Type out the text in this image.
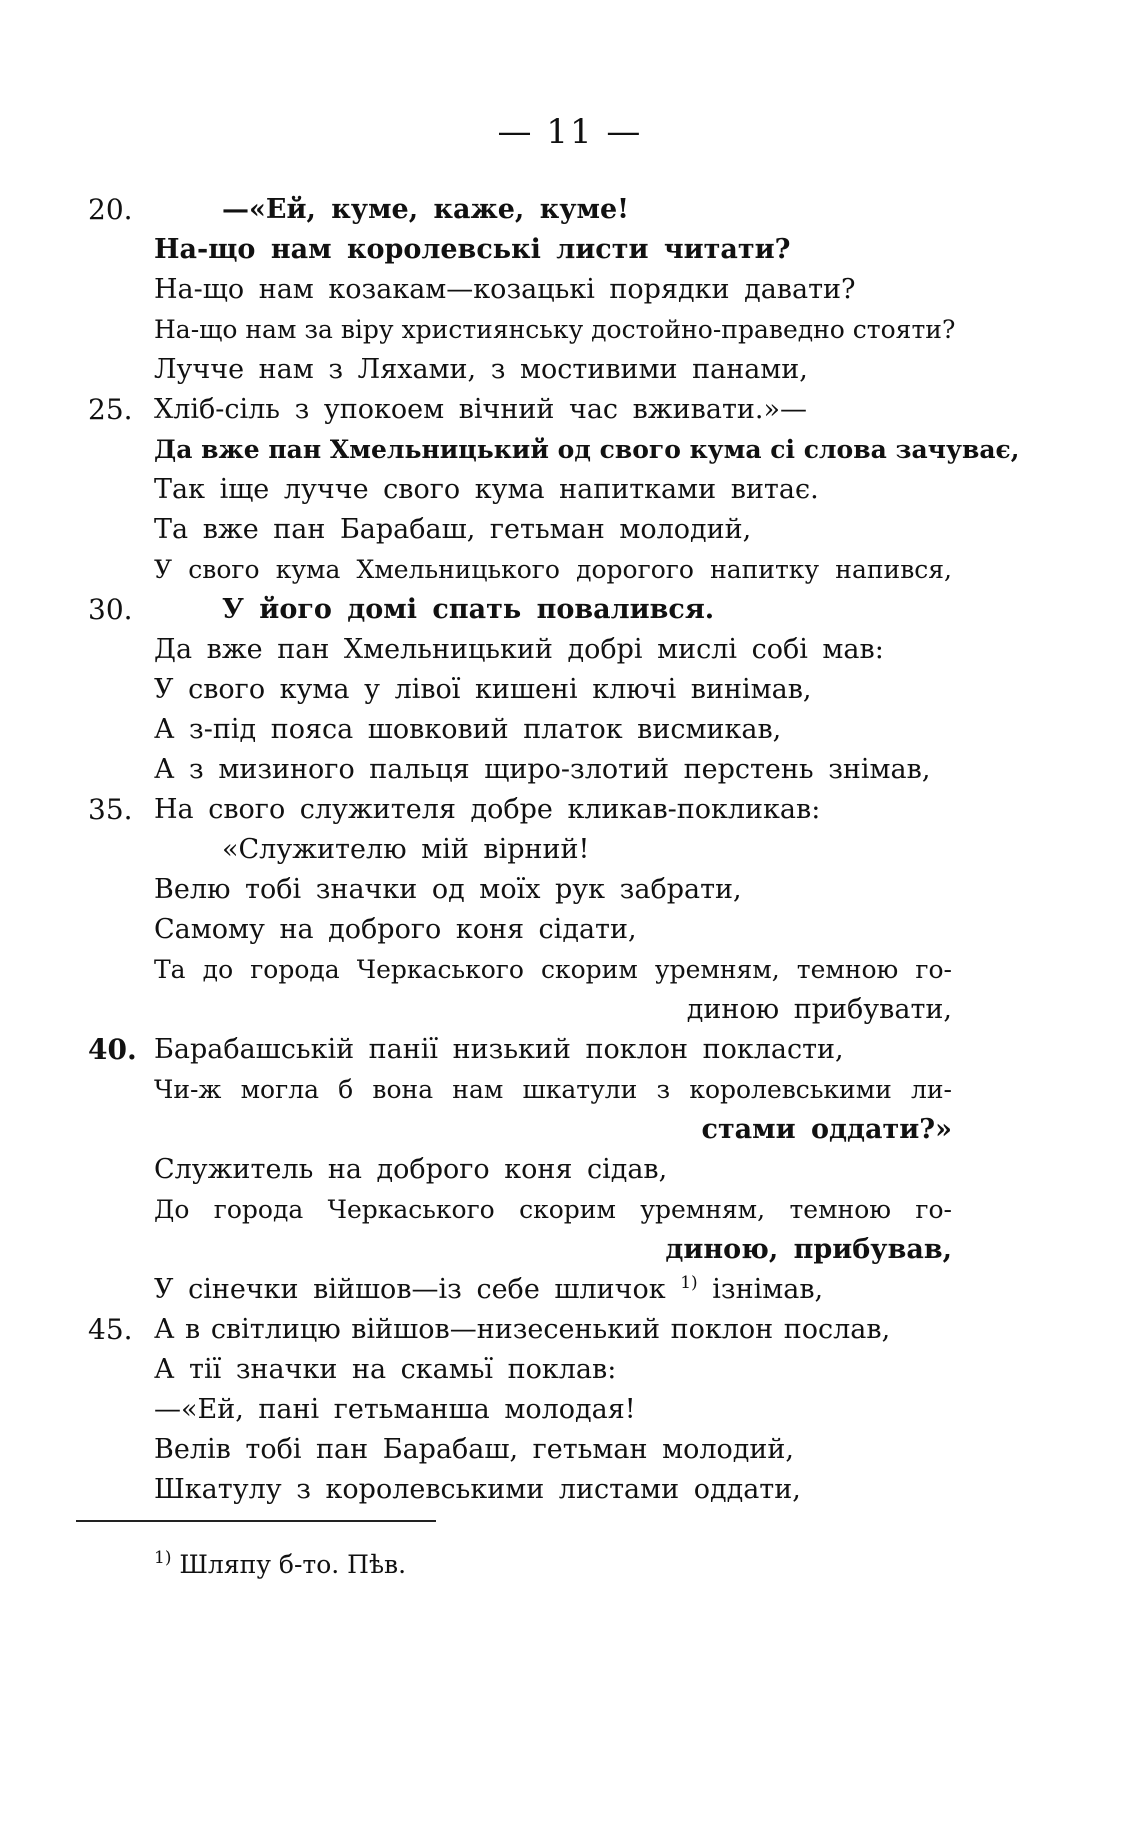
— 11 —
20.	—«Ей, куме, каже, куме!
На-що нам королевські листи читати?
На-що нам козакам—козацькі порядки давати?
На-що нам за віру християнську достойно-праведно стояти?
Лучче нам з Ляхами, з мостивими панами,
25. Хліб-сіль з упокоем вічний час вживати.»—
Да вже пан Хмельницький од свого кума сі слова зачуває,
Так іще лучче свого кума напитками витає.
Та вже пан Барабаш, гетьман молодий,
У свого кума Хмельницького дорогого напитку напився,
30.	У його домі спать повалився.
Да вже пан Хмельницький добрі мислі собі мав:
У свого кума у лівої кишені ключі винімав,
А з-під пояса шовковий платок висмикав,
А з мизиного пальця щиро-злотий перстень знімав,
35. На свого служителя добре кликав-покликав:
«Служителю мій вірний!
Велю тобі значки од моїх рук забрати,
Самому на доброго коня сідати,
Та до города Черкаського скорим уремням, темною го-
диною прибувати,
40. Барабашській панії низький поклон покласти,
Чи-ж могла б вона нам шкатули з королевськими ли-
стами оддати?»
Служитель на доброго коня сідав,
До города Черкаського скорим уремням, темною го-
диною, прибував,
У сінечки війшов—із себе шличок $^{1)}$ ізнімав,
45. А в світлицю війшов—низесенький поклон послав,
А тії значки на скамьї поклав:
—«Ей, пані гетьманша молодая!
Велів тобі пан Барабаш, гетьман молодий,
Шкатулу з королевськими листами оддати,
$^{1)}$ Шляпу б-то. Пѣв.
